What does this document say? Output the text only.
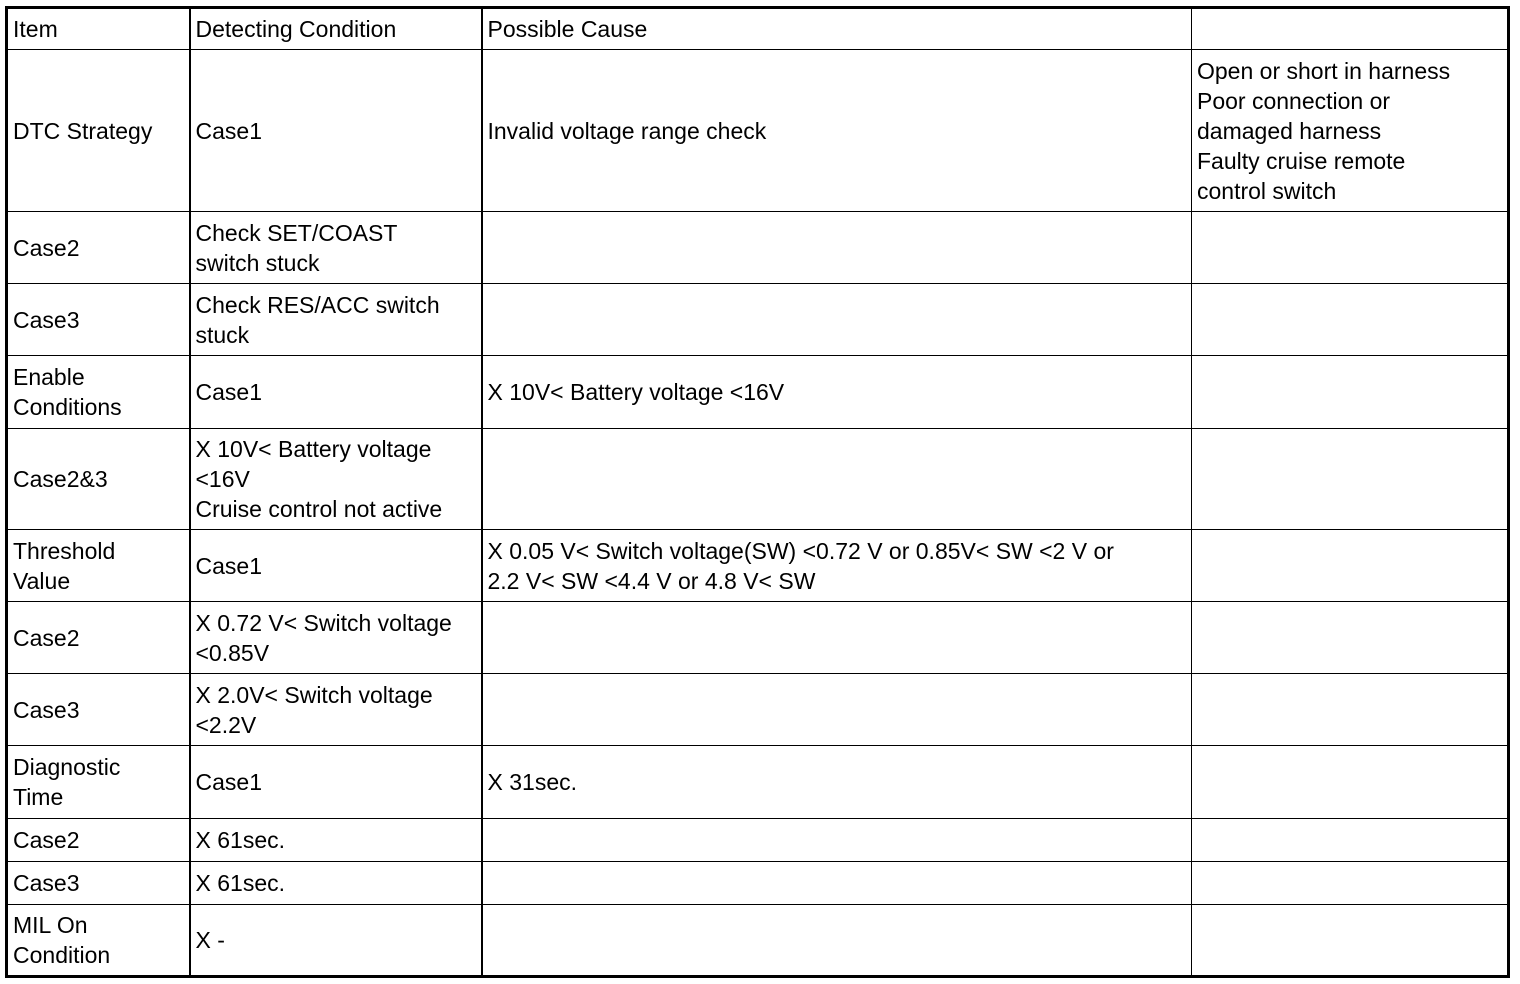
Item	Detecting Condition	Possible Cause	
DTC Strategy	Case1	Invalid voltage range check	Open or short in harness
Poor connection or
damaged harness
Faulty cruise remote
control switch
Case2	Check SET/COAST
switch stuck		
Case3	Check RES/ACC switch
stuck		
Enable
Conditions	Case1	X 10V< Battery voltage <16V	
Case2&3	X 10V< Battery voltage
<16V
Cruise control not active		
Threshold
Value	Case1	X 0.05 V< Switch voltage(SW) <0.72 V or 0.85V< SW <2 V or
2.2 V< SW <4.4 V or 4.8 V< SW	
Case2	X 0.72 V< Switch voltage
<0.85V		
Case3	X 2.0V< Switch voltage
<2.2V		
Diagnostic
Time	Case1	X 31sec.	
Case2	X 61sec.		
Case3	X 61sec.		
MIL On
Condition	X -		
